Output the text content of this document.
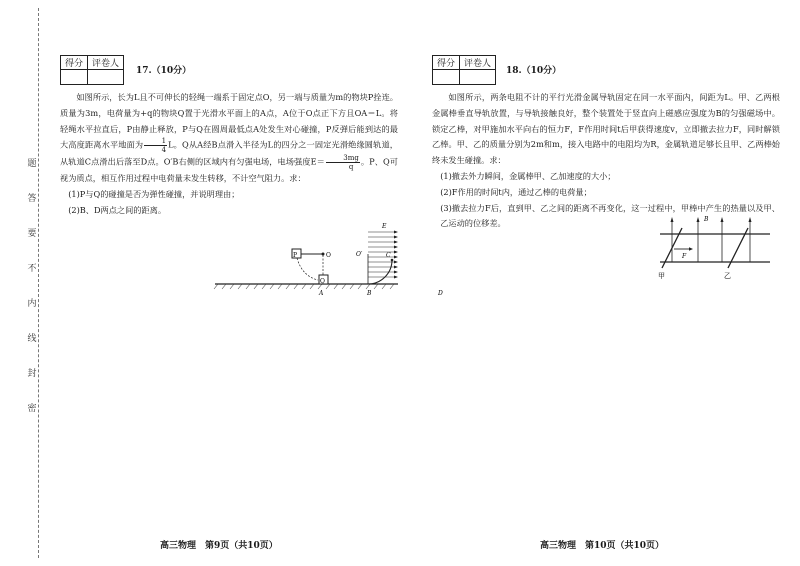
题
答
要
不
内
线
封
密
得分	评卷人

17.（10分）

如图所示，长为L且不可伸长的轻绳一端系于固定点O，另一端与质量为m的物块P拴连。质量为3m，电荷量为+q的物块Q置于光滑水平面上的A点，A位于O点正下方且OA＝L。将轻绳水平拉直后，P由静止释放，P与Q在圆周最低点A处发生对心碰撞，P反弹后能到达的最大高度距离水平地面为 $\frac{1}{4}$ L。Q从A经B点滑入半径为L的四分之一固定光滑绝缘圆轨道，从轨道C点滑出后落至D点。O′B右侧的区域内有匀强电场，电场强度$E= \frac{3mg}{q}$ 。P、Q可视为质点，相互作用过程中电荷量未发生转移，不计空气阻力。求：

(1)P与Q的碰撞是否为弹性碰撞，并说明理由；

(2)B、D两点之间的距离。

P	O
Q
A	B	D
O′	C
E
高三物理　第9页（共10页）
得分	评卷人

18.（10分）

如图所示，两条电阻不计的平行光滑金属导轨固定在同一水平面内，间距为L。甲、乙两根金属棒垂直导轨放置，与导轨接触良好，整个装置处于竖直向上磁感应强度为B的匀强磁场中。锁定乙棒，对甲施加水平向右的恒力F，F作用时间t后甲获得速度v，立即撤去拉力F，同时解锁乙棒。甲、乙的质量分别为2m和m，接入电路中的电阻均为R，金属轨道足够长且甲、乙两棒始终未发生碰撞。求：

(1)撤去外力瞬间，金属棒甲、乙加速度的大小；

(2)F作用的时间t内，通过乙棒的电荷量；

(3)撤去拉力F后，直到甲、乙之间的距离不再变化，这一过程中，甲棒中产生的热量以及甲、乙运动的位移差。	B
F
甲	乙
高三物理　第10页（共10页）
